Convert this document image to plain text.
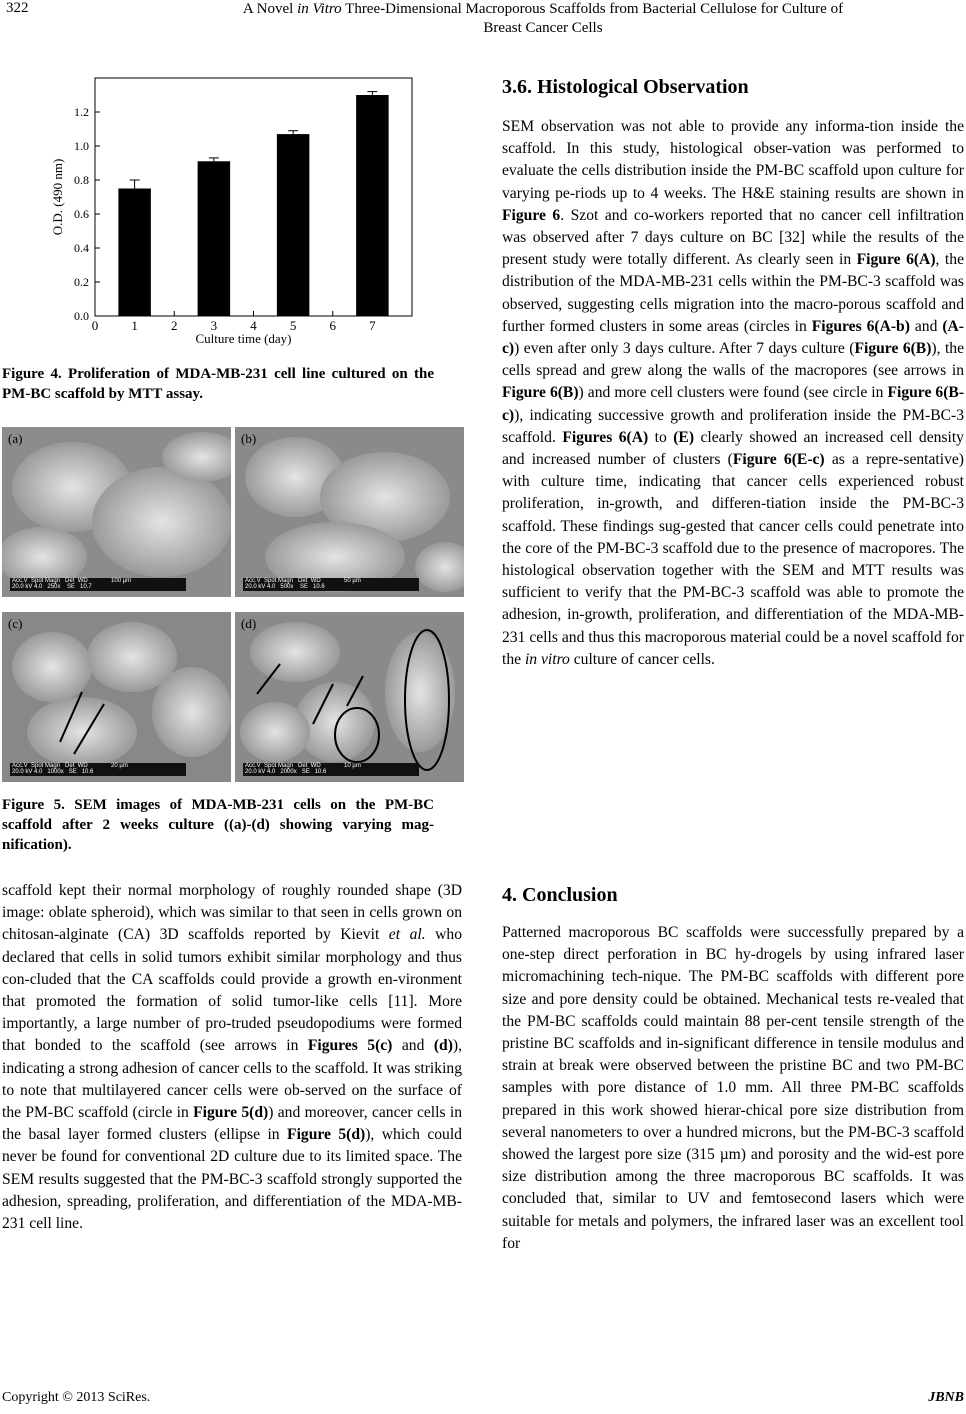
322	A Novel in Vitro Three-Dimensional Macroporous Scaffolds from Bacterial Cellulose for Culture of
Breast Cancer Cells
0.0
0.2
0.4
0.6
0.8
1.0
1.2
0	1	2	3	4	5	6	7
Culture time (day)
O.D. (490 nm)
Figure 4. Proliferation of MDA-MB-231 cell line cultured on the PM-BC scaffold by MTT assay.
(a)
Acc.V  Spot Magn   Det  WD              100 µm
20.0 kV 4.0   250x    SE   10.7
(b)
Acc.V  Spot Magn   Det  WD              50 µm
20.0 kV 4.0   500x    SE   10.6
(c)
Acc.V  Spot Magn   Det  WD              20 µm
20.0 kV 4.0   1000x   SE   10.6
(d)
Acc.V  Spot Magn   Det  WD              10 µm
20.0 kV 4.0   2000x   SE   10.6
Figure 5. SEM images of MDA-MB-231 cells on the PM-BC scaffold after 2 weeks culture ((a)-(d) showing varying mag-nification).

scaffold kept their normal morphology of roughly rounded shape (3D image: oblate spheroid), which was similar to that seen in cells grown on chitosan-alginate (CA) 3D scaffolds reported by Kievit et al. who declared that cells in solid tumors exhibit similar morphology and thus con-cluded that the CA scaffolds could provide a growth en-vironment that promoted the formation of solid tumor-like cells [11]. More importantly, a large number of pro-truded pseudopodiums were formed that bonded to the scaffold (see arrows in Figures 5(c) and (d)), indicating a strong adhesion of cancer cells to the scaffold. It was striking to note that multilayered cancer cells were ob-served on the surface of the PM-BC scaffold (circle in Figure 5(d)) and moreover, cancer cells in the basal layer formed clusters (ellipse in Figure 5(d)), which could never be found for conventional 2D culture due to its limited space. The SEM results suggested that the PM-BC-3 scaffold strongly supported the adhesion, spreading, proliferation, and differentiation of the MDA-MB-231 cell line.

3.6. Histological Observation

SEM observation was not able to provide any informa-tion inside the scaffold. In this study, histological obser-vation was performed to evaluate the cells distribution inside the PM-BC scaffold upon culture for varying pe-riods up to 4 weeks. The H&E staining results are shown in Figure 6. Szot and co-workers reported that no cancer cell infiltration was observed after 7 days culture on BC [32] while the results of the present study were totally different. As clearly seen in Figure 6(A), the distribution of the MDA-MB-231 cells within the PM-BC-3 scaffold was observed, suggesting cells migration into the macro-porous scaffold and further formed clusters in some areas (circles in Figures 6(A-b) and (A-c)) even after only 3 days culture. After 7 days culture (Figure 6(B)), the cells spread and grew along the walls of the macropores (see arrows in Figure 6(B)) and more cell clusters were found (see circle in Figure 6(B-c)), indicating successive growth and proliferation inside the PM-BC-3 scaffold. Figures 6(A) to (E) clearly showed an increased cell density and increased number of clusters (Figure 6(E-c) as a repre-sentative) with culture time, indicating that cancer cells experienced robust proliferation, in-growth, and differen-tiation inside the PM-BC-3 scaffold. These findings sug-gested that cancer cells could penetrate into the core of the PM-BC-3 scaffold due to the presence of macropores. The histological observation together with the SEM and MTT results was sufficient to verify that the PM-BC-3 scaffold was able to promote the adhesion, in-growth, proliferation, and differentiation of the MDA-MB-231 cells and thus this macroporous material could be a novel scaffold for the in vitro culture of cancer cells.

4. Conclusion

Patterned macroporous BC scaffolds were successfully prepared by a one-step direct perforation in BC hy-drogels by using infrared laser micromachining tech-nique. The PM-BC scaffolds with different pore size and pore density could be obtained. Mechanical tests re-vealed that the PM-BC scaffolds could maintain 88 per-cent tensile strength of the pristine BC scaffolds and in-significant difference in tensile modulus and strain at break were observed between the pristine BC and two PM-BC samples with pore distance of 1.0 mm. All three PM-BC scaffolds prepared in this work showed hierar-chical pore size distribution from several nanometers to over a hundred microns, but the PM-BC-3 scaffold showed the largest pore size (315 µm) and porosity and the wid-est pore size distribution among the three macroporous BC scaffolds. It was concluded that, similar to UV and femtosecond lasers which were suitable for metals and polymers, the infrared laser was an excellent tool for

Copyright © 2013 SciRes.	JBNB
